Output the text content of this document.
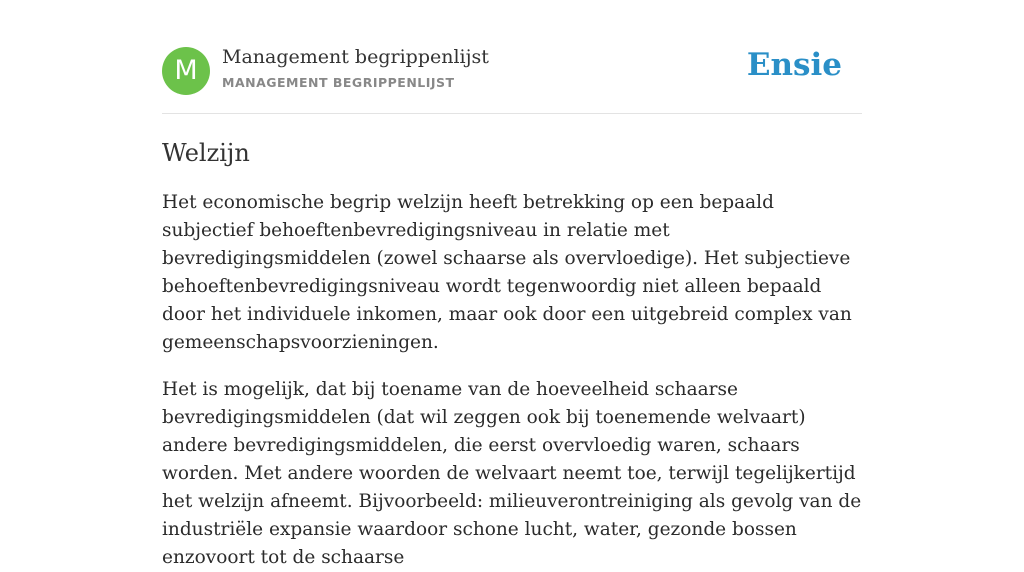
M	Management begrippenlijst
MANAGEMENT BEGRIPPENLIJST	Ensie
Welzijn

Het economische begrip welzijn heeft betrekking op een bepaald subjectief behoeftenbevredigingsniveau in relatie met bevredigingsmiddelen (zowel schaarse als overvloedige). Het subjectieve behoeftenbevredigingsniveau wordt tegenwoordig niet alleen bepaald door het individuele inkomen, maar ook door een uitgebreid complex van gemeenschapsvoorzieningen.

Het is mogelijk, dat bij toename van de hoeveelheid schaarse bevredigingsmiddelen (dat wil zeggen ook bij toenemende welvaart) andere bevredigingsmiddelen, die eerst overvloedig waren, schaars worden. Met andere woorden de welvaart neemt toe, terwijl tegelijkertijd het welzijn afneemt. Bijvoorbeeld: milieuverontreiniging als gevolg van de industriële expansie waardoor schone lucht, water, gezonde bossen enzovoort tot de schaarse
